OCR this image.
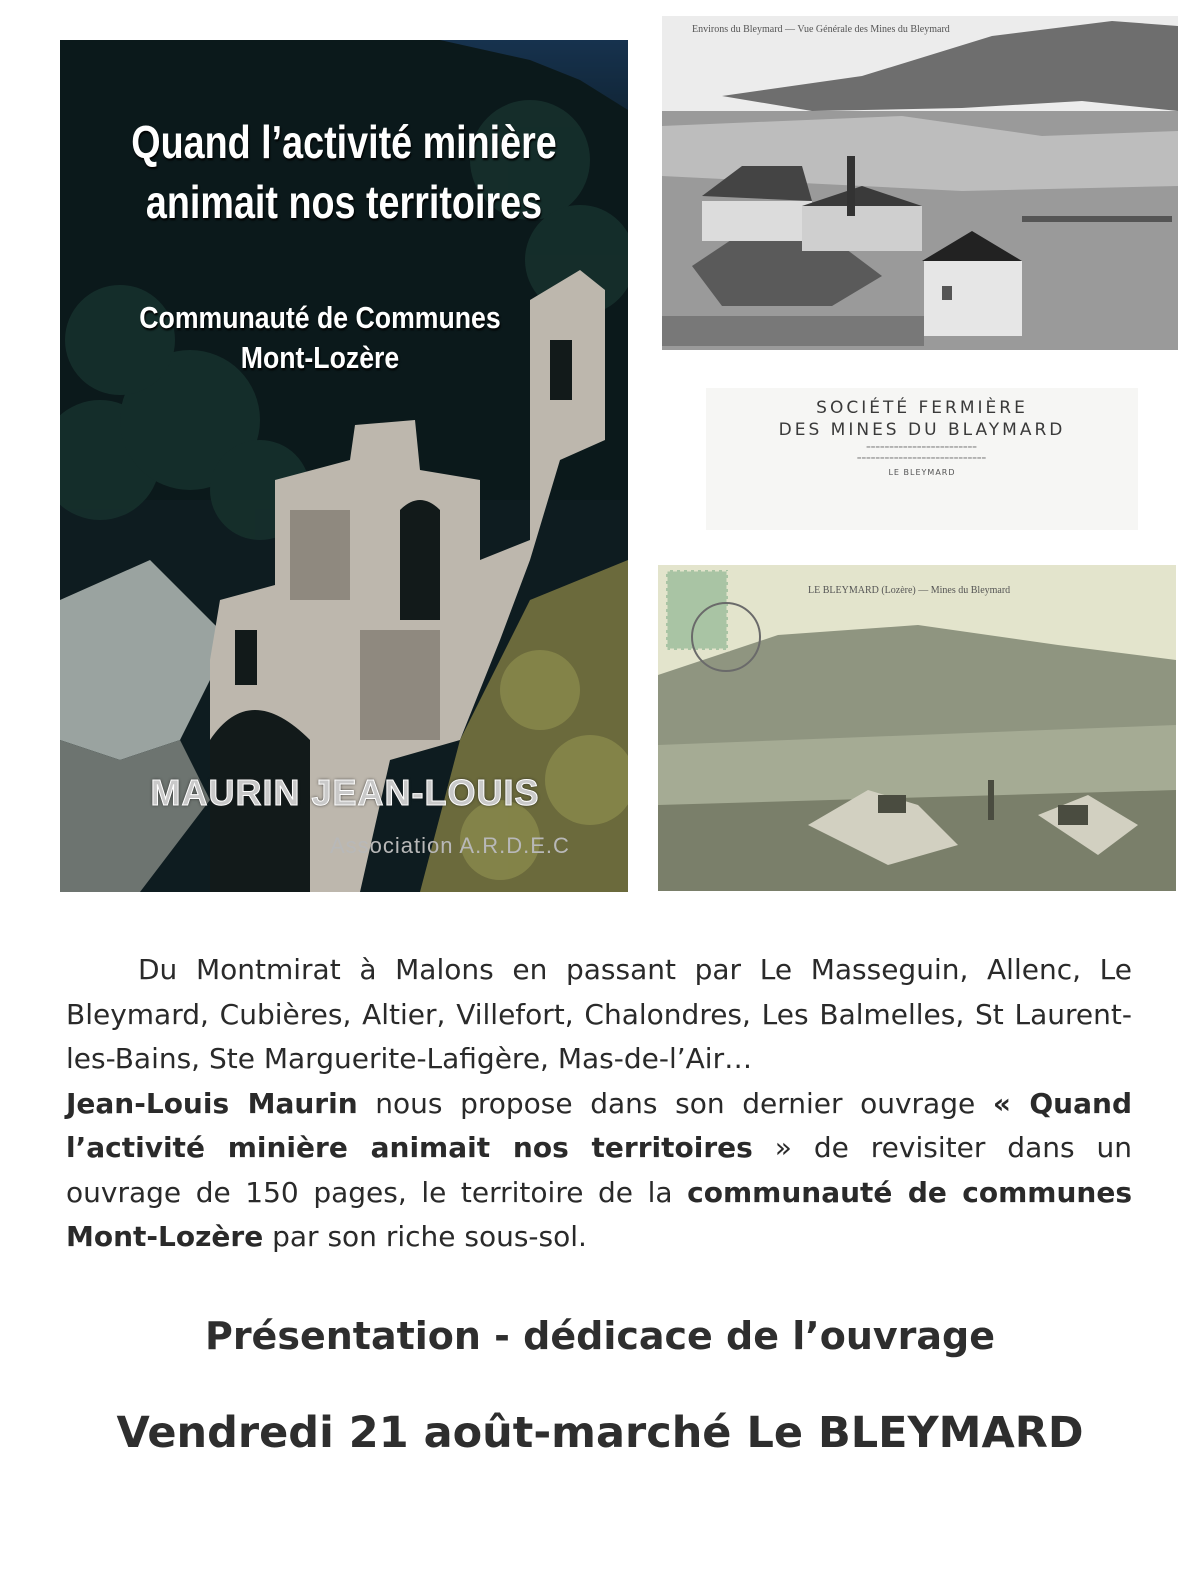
Quand l’activité minière
animait nos territoires
Communauté de Communes
Mont-Lozère
MAURIN JEAN-LOUIS
Association A.R.D.E.C
Environs du Bleymard — Vue Générale des Mines du Bleymard
SOCIÉTÉ FERMIÈRE
DES MINES DU BLAYMARD
━━━━━━━━━━━━━━━━━━━━━━━━
━━━━━━━━━━━━━━━━━━━━━━━━━━━━
LE BLEYMARD
LE BLEYMARD (Lozère) — Mines du Bleymard

Du Montmirat à Malons en passant par Le Masseguin, Allenc, Le Bleymard, Cubières, Altier, Villefort, Chalondres, Les Balmelles, St Laurent-les-Bains, Ste Marguerite-Lafigère, Mas-de-l’Air…

Jean-Louis Maurin nous propose dans son dernier ouvrage « Quand l’activité minière animait nos territoires » de revisiter dans un ouvrage de 150 pages, le territoire de la communauté de communes Mont-Lozère par son riche sous-sol.

Présentation - dédicace de l’ouvrage
Vendredi 21 août-marché Le BLEYMARD
